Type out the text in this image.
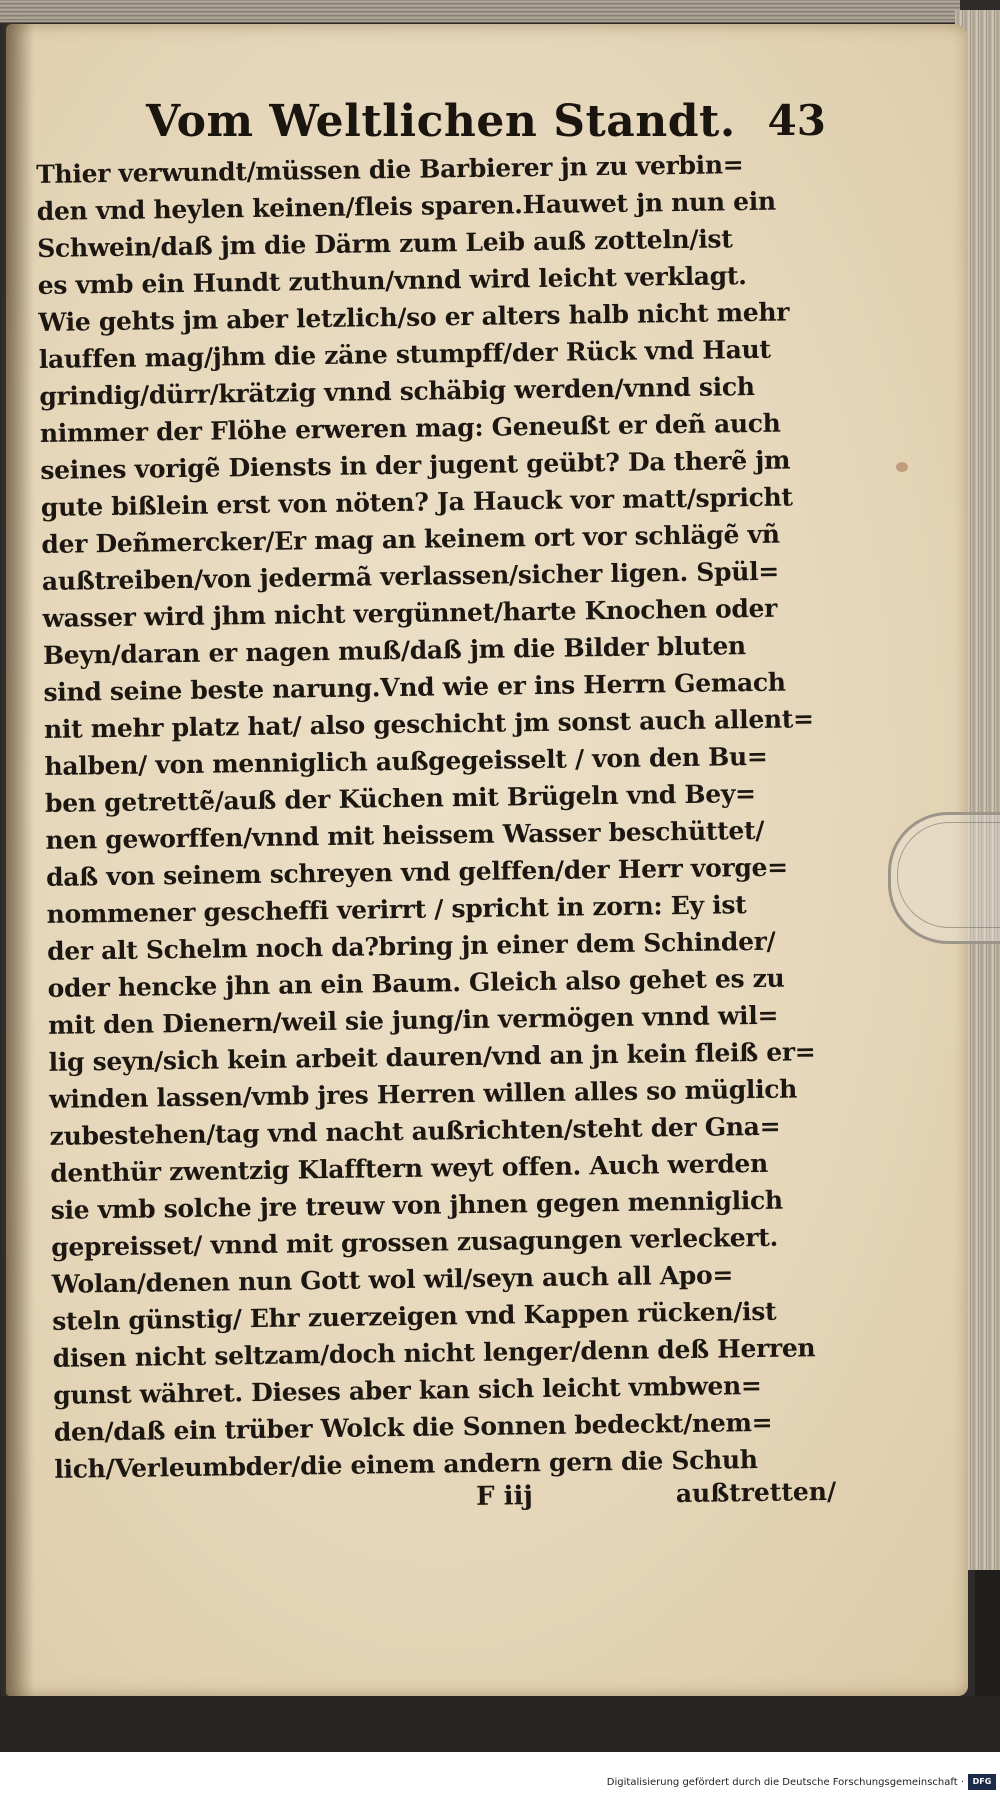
Vom Weltlichen Standt. 43
Thier verwundt/müssen die Barbierer jn zu verbin=
den vnd heylen keinen/fleis sparen.Hauwet jn nun ein
Schwein/daß jm die Därm zum Leib auß zotteln/ist
es vmb ein Hundt zuthun/vnnd wird leicht verklagt.
Wie gehts jm aber letzlich/so er alters halb nicht mehr
lauffen mag/jhm die zäne stumpff/der Rück vnd Haut
grindig/dürr/krätzig vnnd schäbig werden/vnnd sich
nimmer der Flöhe erweren mag: Geneußt er deñ auch
seines vorigẽ Diensts in der jugent geübt? Da therẽ jm
gute bißlein erst von nöten? Ja Hauck vor matt/spricht
der Deñmercker/Er mag an keinem ort vor schlägẽ vñ
außtreiben/von jedermã verlassen/sicher ligen. Spül=
wasser wird jhm nicht vergünnet/harte Knochen oder
Beyn/daran er nagen muß/daß jm die Bilder bluten
sind seine beste narung.Vnd wie er ins Herrn Gemach
nit mehr platz hat/ also geschicht jm sonst auch allent=
halben/ von menniglich außgegeisselt / von den Bu=
ben getrettẽ/auß der Küchen mit Brügeln vnd Bey=
nen geworffen/vnnd mit heissem Wasser beschüttet/
daß von seinem schreyen vnd gelffen/der Herr vorge=
nommener gescheffi verirrt / spricht in zorn: Ey ist
der alt Schelm noch da?bring jn einer dem Schinder/
oder hencke jhn an ein Baum. Gleich also gehet es zu
mit den Dienern/weil sie jung/in vermögen vnnd wil=
lig seyn/sich kein arbeit dauren/vnd an jn kein fleiß er=
winden lassen/vmb jres Herren willen alles so müglich
zubestehen/tag vnd nacht außrichten/steht der Gna=
denthür zwentzig Klafftern weyt offen. Auch werden
sie vmb solche jre treuw von jhnen gegen menniglich
gepreisset/ vnnd mit grossen zusagungen verleckert.
Wolan/denen nun Gott wol wil/seyn auch all Apo=
steln günstig/ Ehr zuerzeigen vnd Kappen rücken/ist
disen nicht seltzam/doch nicht lenger/denn deß Herren
gunst währet. Dieses aber kan sich leicht vmbwen=
den/daß ein trüber Wolck die Sonnen bedeckt/nem=
lich/Verleumbder/die einem andern gern die Schuh
F iij	außtretten/
Digitalisierung gefördert durch die Deutsche Forschungsgemeinschaft ·	DFG
